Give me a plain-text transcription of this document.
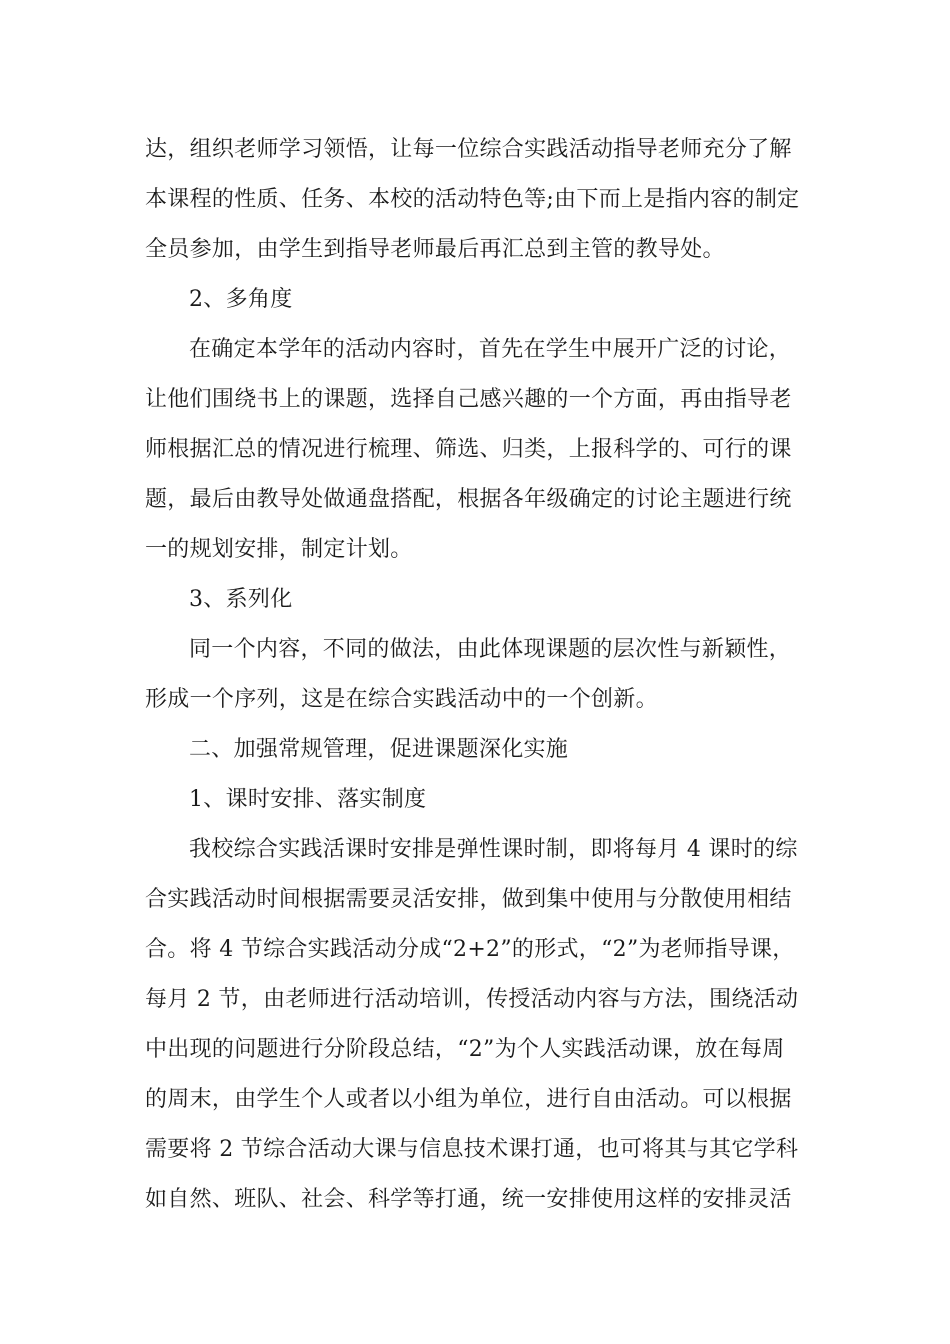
达，组织老师学习领悟，让每一位综合实践活动指导老师充分了解
本课程的性质、任务、本校的活动特色等;由下而上是指内容的制定
全员参加，由学生到指导老师最后再汇总到主管的教导处。
2、多角度
在确定本学年的活动内容时，首先在学生中展开广泛的讨论，
让他们围绕书上的课题，选择自己感兴趣的一个方面，再由指导老
师根据汇总的情况进行梳理、筛选、归类，上报科学的、可行的课
题，最后由教导处做通盘搭配，根据各年级确定的讨论主题进行统
一的规划安排，制定计划。
3、系列化
同一个内容，不同的做法，由此体现课题的层次性与新颖性，
形成一个序列，这是在综合实践活动中的一个创新。
二、加强常规管理，促进课题深化实施
1、课时安排、落实制度
我校综合实践活课时安排是弹性课时制，即将每月 4 课时的综
合实践活动时间根据需要灵活安排，做到集中使用与分散使用相结
合。将 4 节综合实践活动分成“2+2”的形式，“2”为老师指导课，
每月 2 节，由老师进行活动培训，传授活动内容与方法，围绕活动
中出现的问题进行分阶段总结，“2”为个人实践活动课，放在每周
的周末，由学生个人或者以小组为单位，进行自由活动。可以根据
需要将 2 节综合活动大课与信息技术课打通，也可将其与其它学科
如自然、班队、社会、科学等打通，统一安排使用这样的安排灵活
